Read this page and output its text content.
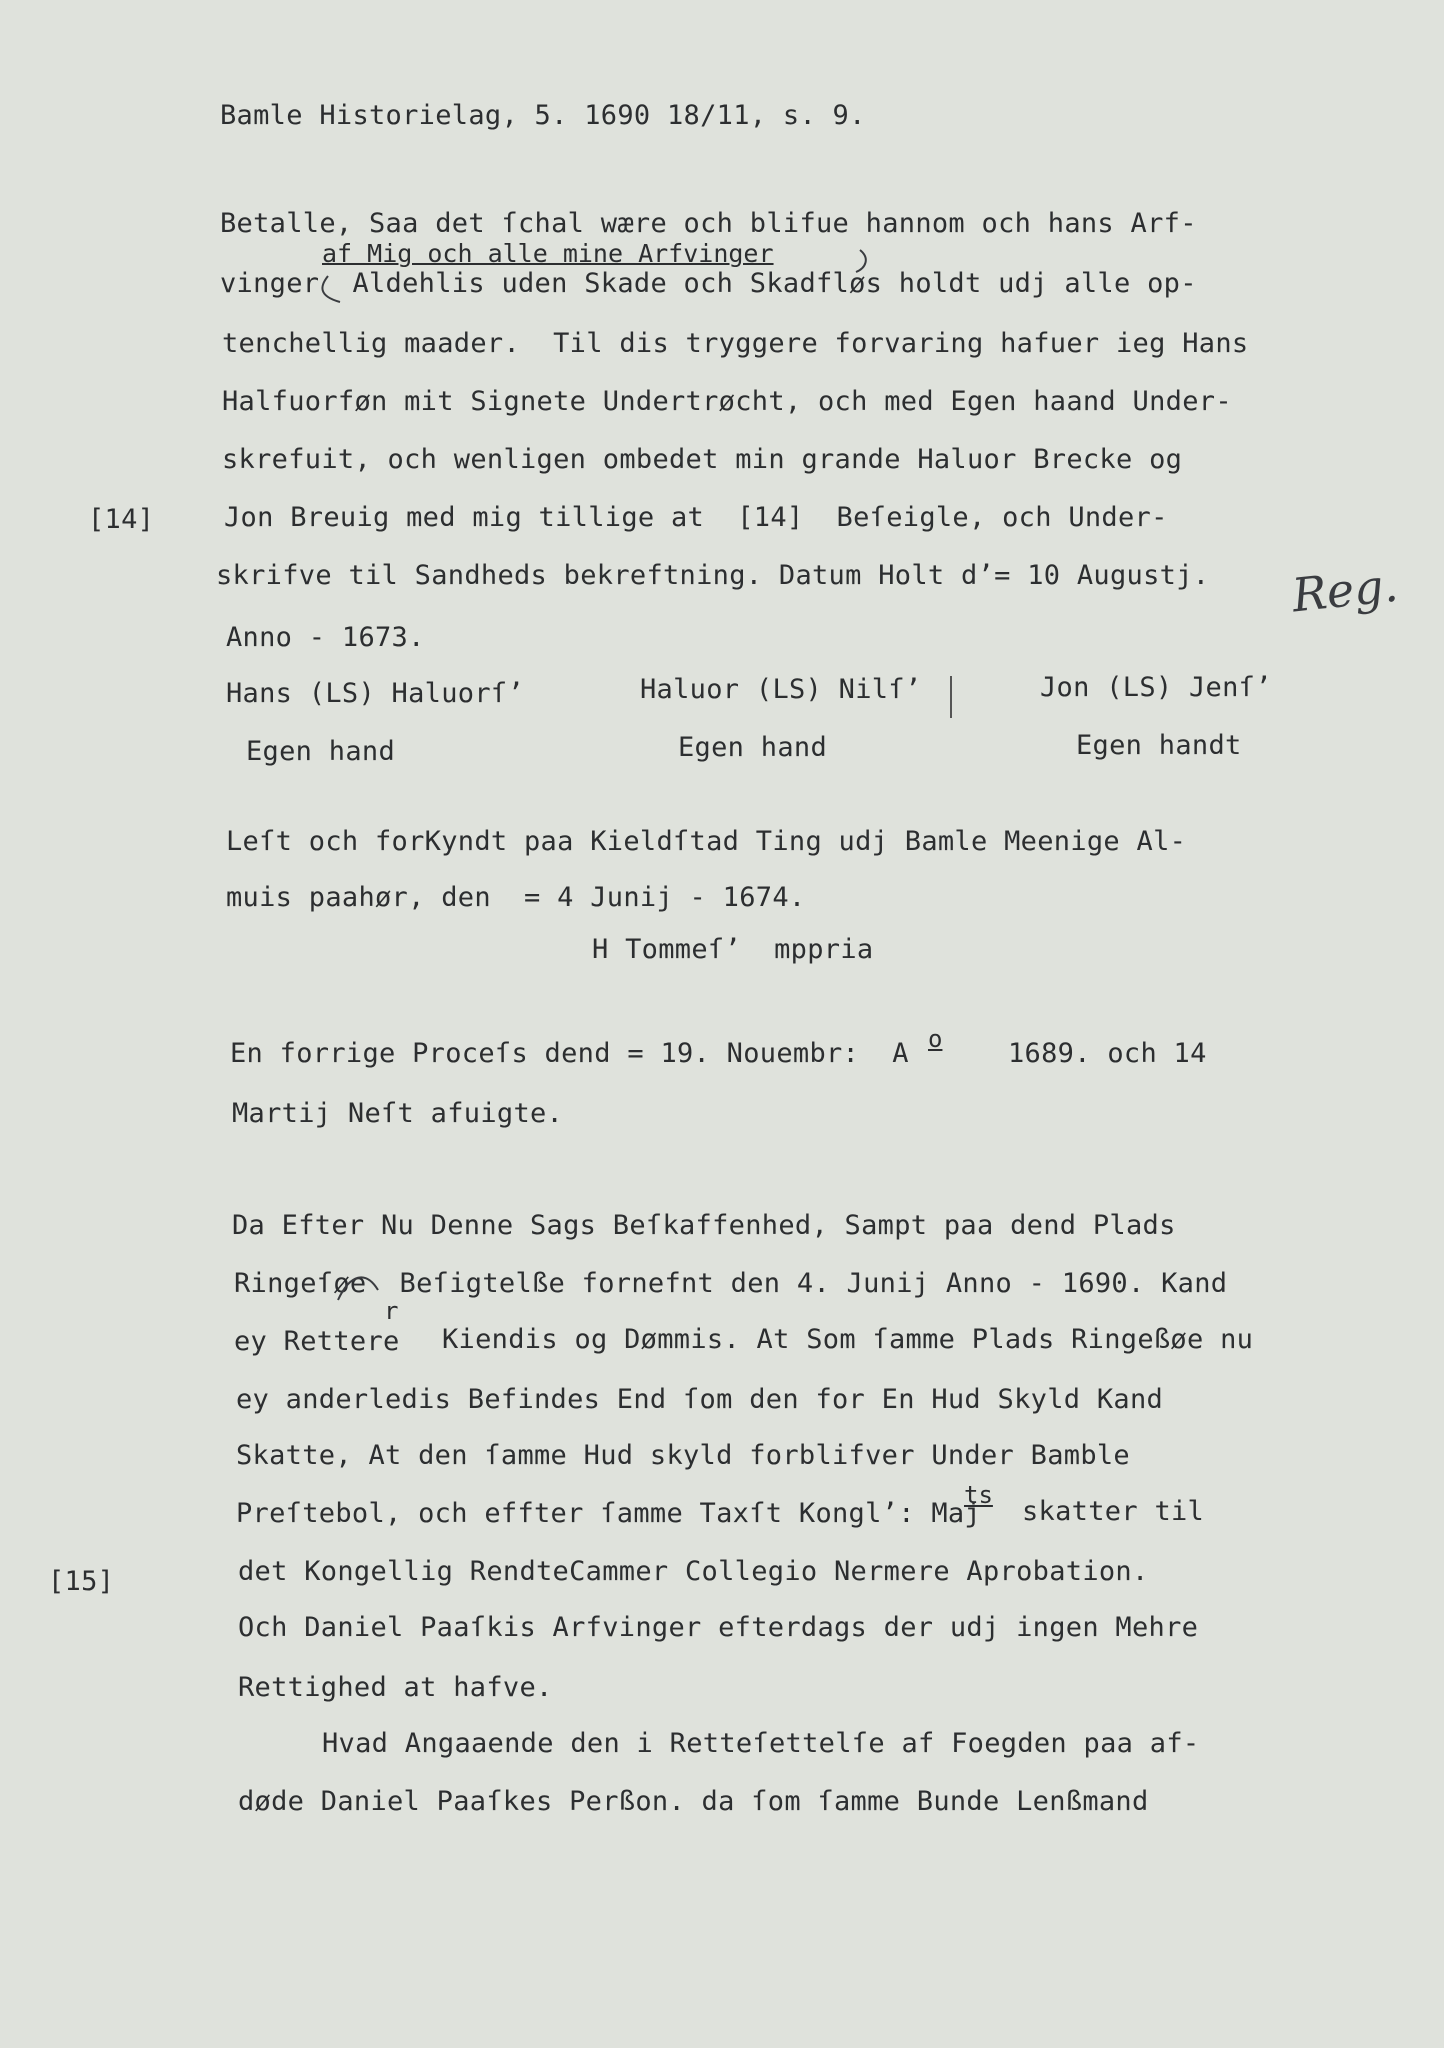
Bamle Historielag, 5. 1690 18/11, s. 9.
af Mig och alle mine Arfvinger
Betalle, Saa det ſchal wære och blifue hannom och hans Arf-
vinger  Aldehlis uden Skade och Skadfløs holdt udj alle op-
tenchellig maader.  Til dis tryggere forvaring hafuer ieg Hans
Halfuorføn mit Signete Undertrøcht, och med Egen haand Under-
skrefuit, och wenligen ombedet min grande Haluor Brecke og
[14]	Jon Breuig med mig tillige at  [14]  Beſeigle, och Under-
skrifve til Sandheds bekreftning. Datum Holt d’= 10 Augustj.
Anno - 1673.
Reg.
Hans (LS) Haluorſ’	Haluor (LS) Nilſ’	Jon (LS) Jenſ’
Egen hand	Egen hand	Egen handt
Leſt och forKyndt paa Kieldſtad Ting udj Bamle Meenige Al-
muis paahør, den  = 4 Junij - 1674.
H Tommeſ’  mppria
En forrige Proceſs dend = 19. Nouembr:  A o 1689. och 14
Martij Neſt afuigte.
Da Efter Nu Denne Sags Beſkaffenhed, Sampt paa dend Plads
Ringeſøe  Beſigtelße fornefnt den 4. Junij Anno - 1690. Kand
r
ey Rettere Kiendis og Dømmis. At Som ſamme Plads Ringeßøe nu
ey anderledis Befindes End ſom den for En Hud Skyld Kand
Skatte, At den ſamme Hud skyld forblifver Under Bamble
Preſtebol, och effter ſamme Taxſt Kongl’: Maj
ts
skatter til
[15]	det Kongellig RendteCammer Collegio Nermere Aprobation.
Och Daniel Paaſkis Arfvinger efterdags der udj ingen Mehre
Rettighed at hafve.
Hvad Angaaende den i Retteſettelſe af Foegden paa af-
døde Daniel Paaſkes Perßon. da ſom ſamme Bunde Lenßmand
